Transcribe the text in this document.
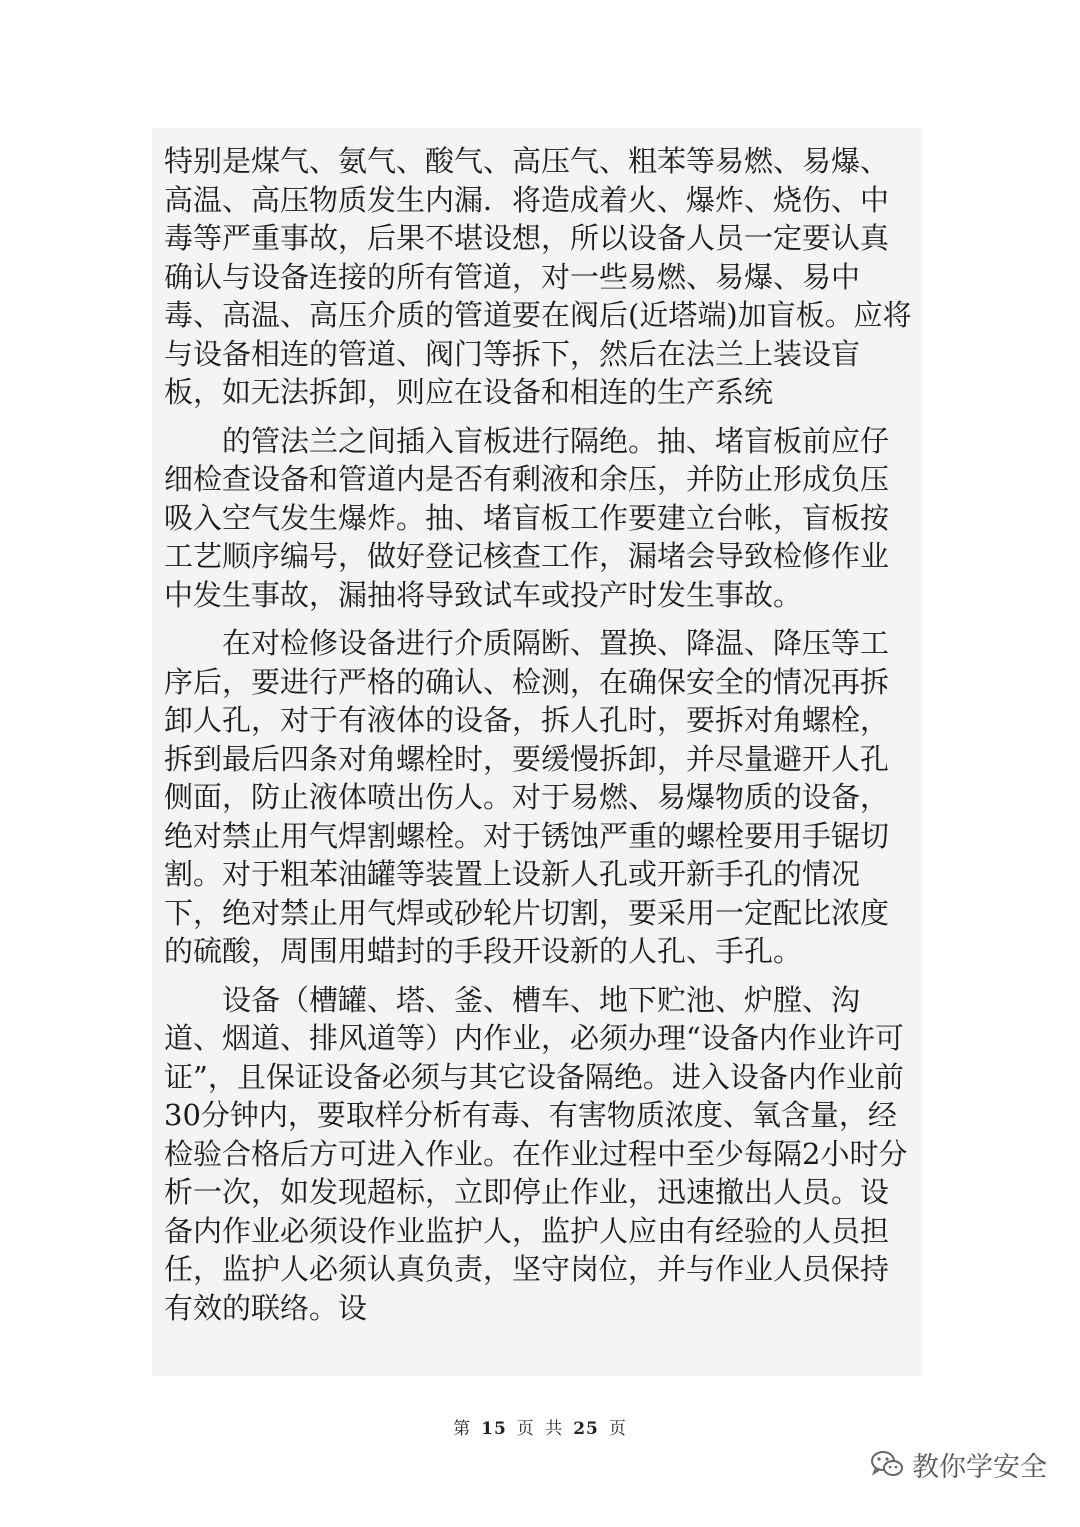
特别是煤气、氨气、酸气、高压气、粗苯等易燃、易爆、高温、高压物质发生内漏．将造成着火、爆炸、烧伤、中毒等严重事故，后果不堪设想，所以设备人员一定要认真确认与设备连接的所有管道，对一些易燃、易爆、易中毒、高温、高压介质的管道要在阀后(近塔端)加盲板。应将与设备相连的管道、阀门等拆下，然后在法兰上装设盲板，如无法拆卸，则应在设备和相连的生产系统

的管法兰之间插入盲板进行隔绝。抽、堵盲板前应仔细检查设备和管道内是否有剩液和余压，并防止形成负压吸入空气发生爆炸。抽、堵盲板工作要建立台帐，盲板按工艺顺序编号，做好登记核查工作，漏堵会导致检修作业中发生事故，漏抽将导致试车或投产时发生事故。

在对检修设备进行介质隔断、置换、降温、降压等工序后，要进行严格的确认、检测，在确保安全的情况再拆卸人孔，对于有液体的设备，拆人孔时，要拆对角螺栓，拆到最后四条对角螺栓时，要缓慢拆卸，并尽量避开人孔侧面，防止液体喷出伤人。对于易燃、易爆物质的设备，绝对禁止用气焊割螺栓。对于锈蚀严重的螺栓要用手锯切割。对于粗苯油罐等装置上设新人孔或开新手孔的情况下，绝对禁止用气焊或砂轮片切割，要采用一定配比浓度的硫酸，周围用蜡封的手段开设新的人孔、手孔。

设备（槽罐、塔、釜、槽车、地下贮池、炉膛、沟道、烟道、排风道等）内作业，必须办理“设备内作业许可证”，且保证设备必须与其它设备隔绝。进入设备内作业前30分钟内，要取样分析有毒、有害物质浓度、氧含量，经检验合格后方可进入作业。在作业过程中至少每隔2小时分析一次，如发现超标，立即停止作业，迅速撤出人员。设备内作业必须设作业监护人，监护人应由有经验的人员担任，监护人必须认真负责，坚守岗位，并与作业人员保持有效的联络。设

第 15 页 共 25 页
教你学安全
